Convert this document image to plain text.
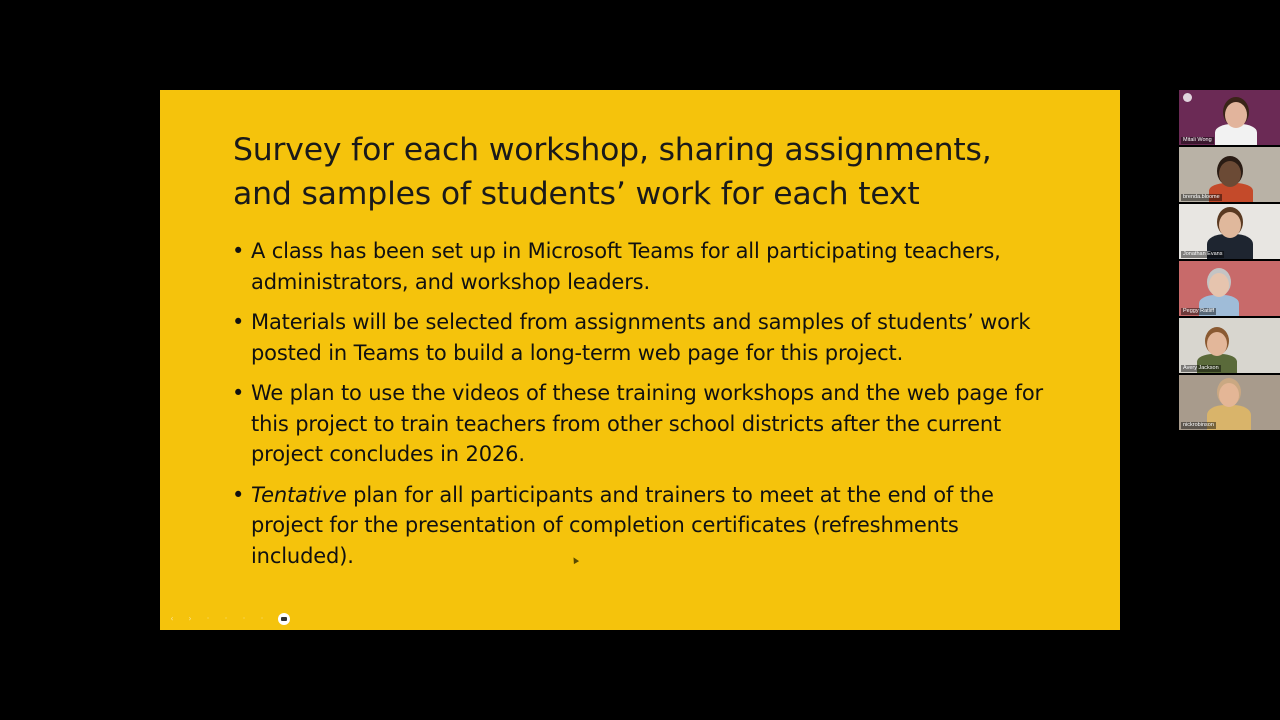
Survey for each workshop, sharing assignments, and samples of students’ work for each text
• A class has been set up in Microsoft Teams for all participating teachers, administrators, and workshop leaders.
• Materials will be selected from assignments and samples of students’ work posted in Teams to build a long-term web page for this project.
• We plan to use the videos of these training workshops and the web page for this project to train teachers from other school districts after the current project concludes in 2026.
• Tentative plan for all participants and trainers to meet at the end of the project for the presentation of completion certificates (refreshments included).
‹	›	·	·	·	·
Mitali Wong
brenda.bloome
Jonathan Evans
Peggy Ratliff
Avery Jackson
nickrobinson
